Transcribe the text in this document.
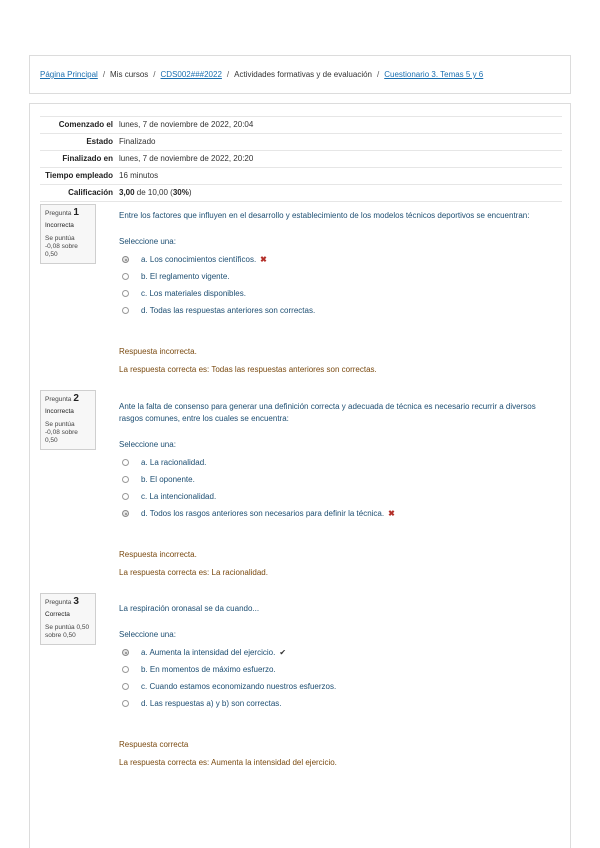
Página Principal / Mis cursos / CDS002###2022 / Actividades formativas y de evaluación / Cuestionario 3. Temas 5 y 6
Comenzado el lunes, 7 de noviembre de 2022, 20:04
Estado Finalizado
Finalizado en lunes, 7 de noviembre de 2022, 20:20
Tiempo empleado 16 minutos
Calificación 3,00 de 10,00 (30%)
Pregunta 1
Incorrecta
Se puntúa -0,08 sobre 0,50
Entre los factores que influyen en el desarrollo y establecimiento de los modelos técnicos deportivos se encuentran:
Seleccione una:
a. Los conocimientos científicos. ✖
b. El reglamento vigente.
c. Los materiales disponibles.
d. Todas las respuestas anteriores son correctas.
Respuesta incorrecta.
La respuesta correcta es: Todas las respuestas anteriores son correctas.
Pregunta 2
Incorrecta
Se puntúa -0,08 sobre 0,50
Ante la falta de consenso para generar una definición correcta y adecuada de técnica es necesario recurrir a diversos rasgos comunes, entre los cuales se encuentra:
Seleccione una:
a. La racionalidad.
b. El oponente.
c. La intencionalidad.
d. Todos los rasgos anteriores son necesarios para definir la técnica. ✖
Respuesta incorrecta.
La respuesta correcta es: La racionalidad.
Pregunta 3
Correcta
Se puntúa 0,50 sobre 0,50
La respiración oronasal se da cuando...
Seleccione una:
a. Aumenta la intensidad del ejercicio. ✔
b. En momentos de máximo esfuerzo.
c. Cuando estamos economizando nuestros esfuerzos.
d. Las respuestas a) y b) son correctas.
Respuesta correcta
La respuesta correcta es: Aumenta la intensidad del ejercicio.
